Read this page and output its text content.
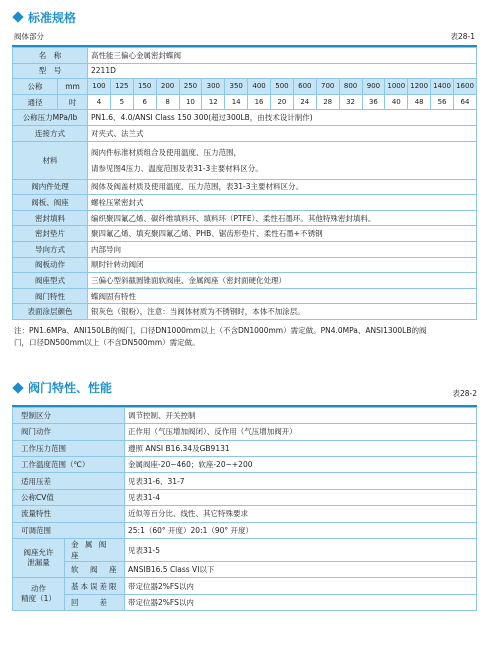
标准规格
阀体部分	表28-1
名　称		高性能三偏心金属密封蝶阀																
型　号		2211D																
公称	mm	100	125	150	200	250	300	350	400	500	600	700	800	900	1000	1200	1400	1600
通径	吋	4	5	6	8	10	12	14	16	20	24	28	32	36	40	48	56	64
公称压力MPa/lb		PN1.6、4.0/ANSI Class 150 300(超过300LB，由技术设计制作)																
连接方式		对夹式、法兰式																
材料		阀内件标准材质组合及使用温度、压力范围，
请参见图4压力、温度范围及表31-3主要材料区分。																

阀内件处理		阀体及阀盖材质及使用温度、压力范围，表31-3主要材料区分。																
阀板、阀座		螺栓压紧密封式																
密封填料		编织聚四氟乙烯、碳纤维填料环、填料环（PTFE）、柔性石墨环。其他特殊密封填料。																
密封垫片		聚四氟乙烯、填充聚四氟乙烯、PHB、锯齿形垫片、柔性石墨+不锈钢																
导向方式		内部导向																
阀板动作		顺时针转动阀闭																
阀座型式		三偏心型斜截圆锥面软阀座、金属阀座（密封面硬化处理）																
阀门特性		蝶阀固有特性																
表面涂层颜色		银灰色（银粉），注意：当阀体材质为不锈钢时，本体不加涂层。																
注：PN1.6MPa、ANI150LB的阀门，口径DN1000mm以上（不含DN1000mm）需定做。PN4.0MPa、ANSI1300LB的阀
门，口径DN500mm以上（不含DN500mm）需定做。
阀门特性、性能	表28-2
型制区分		调节控制、开关控制
阀门动作		正作用（气压增加阀闭）、反作用（气压增加阀开）
工作压力范围		遵照 ANSI B16.34及GB9131
工作温度范围（℃）		金属阀座-20~460；软座-20~+200
适用压差		见表31-6、31-7
公称CV值		见表31-4
流量特性		近似等百分比、线性、其它特殊要求
可调范围		25:1（60° 开度）20:1（90° 开度）

阀座允许
泄漏量	金 属 阀 座	见表31-5
	软　阀　座	ANSIB16.5 Class VI以下

动作
精度（1）	基本误差限	带定位器2%FS以内
	回　　差	带定位器2%FS以内
